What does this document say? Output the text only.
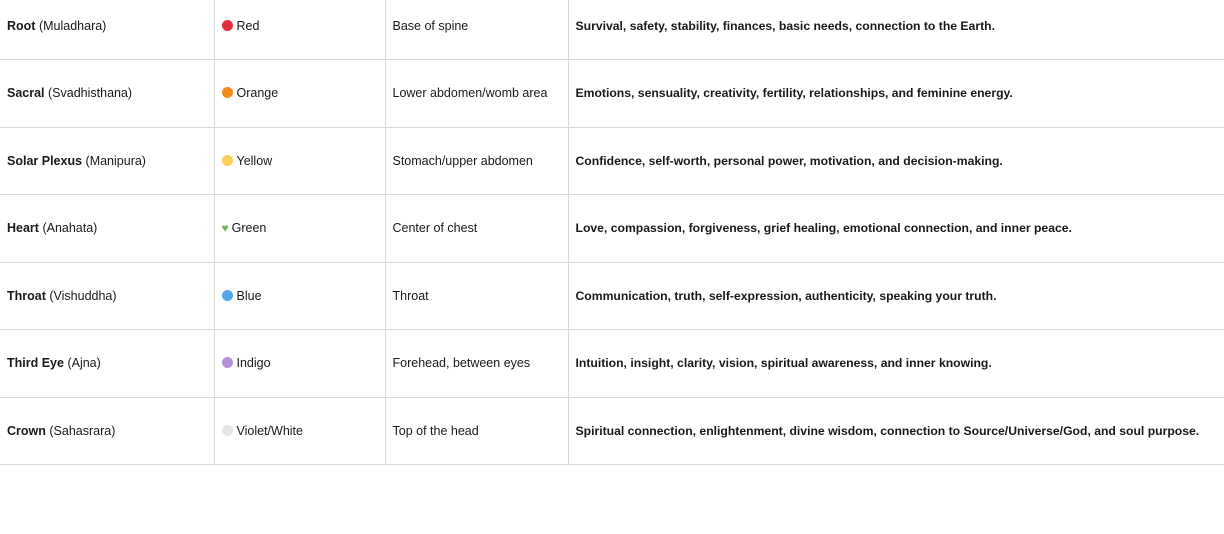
Root (Muladhara)	Red	Base of spine	Survival, safety, stability, finances, basic needs, connection to the Earth.
Sacral (Svadhisthana)	Orange	Lower abdomen/womb area	Emotions, sensuality, creativity, fertility, relationships, and feminine energy.
Solar Plexus (Manipura)	Yellow	Stomach/upper abdomen	Confidence, self-worth, personal power, motivation, and decision-making.
Heart (Anahata)	♥ Green	Center of chest	Love, compassion, forgiveness, grief healing, emotional connection, and inner peace.
Throat (Vishuddha)	Blue	Throat	Communication, truth, self-expression, authenticity, speaking your truth.
Third Eye (Ajna)	Indigo	Forehead, between eyes	Intuition, insight, clarity, vision, spiritual awareness, and inner knowing.
Crown (Sahasrara)	Violet/White	Top of the head	Spiritual connection, enlightenment, divine wisdom, connection to Source/Universe/God, and soul purpose.
